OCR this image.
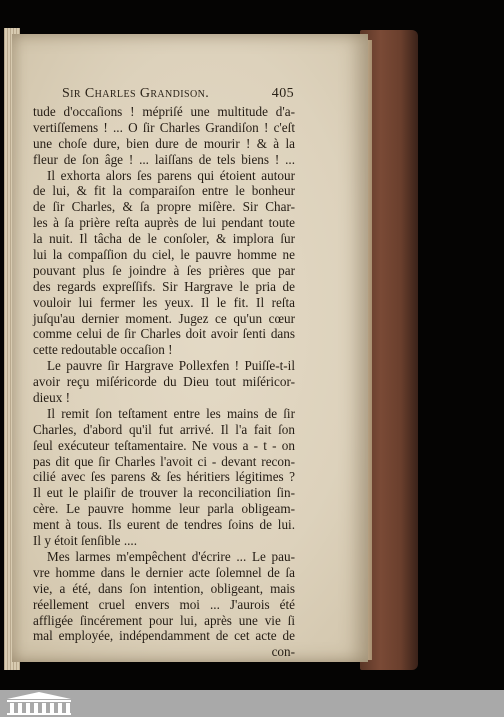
Sir Charles Grandison.	405
tude d'occaſions ! mépriſé une multitude d'a-
vertiſſemens ! ... O ſir Charles Grandiſon ! c'eſt
une choſe dure, bien dure de mourir ! & à la
fleur de ſon âge ! ... laiſſans de tels biens ! ...
Il exhorta alors ſes parens qui étoient autour
de lui, & fit la comparaiſon entre le bonheur
de ſir Charles, & ſa propre miſère. Sir Char-
les à ſa prière reſta auprès de lui pendant toute
la nuit. Il tâcha de le conſoler, & implora ſur
lui la compaſſion du ciel, le pauvre homme ne
pouvant plus ſe joindre à ſes prières que par
des regards expreſſifs. Sir Hargrave le pria de
vouloir lui fermer les yeux. Il le fit. Il reſta
juſqu'au dernier moment. Jugez ce qu'un cœur
comme celui de ſir Charles doit avoir ſenti dans
cette redoutable occaſion !
Le pauvre ſir Hargrave Pollexfen ! Puiſſe-t-il
avoir reçu miſéricorde du Dieu tout miſéricor-
dieux !
Il remit ſon teſtament entre les mains de ſir
Charles, d'abord qu'il fut arrivé. Il l'a fait ſon
ſeul exécuteur teſtamentaire. Ne vous a - t - on
pas dit que ſir Charles l'avoit ci - devant recon-
cilié avec ſes parens & ſes héritiers légitimes ?
Il eut le plaiſir de trouver la reconciliation ſin-
cère. Le pauvre homme leur parla obligeam-
ment à tous. Ils eurent de tendres ſoins de lui.
Il y étoit ſenſible ....
Mes larmes m'empêchent d'écrire ... Le pau-
vre homme dans le dernier acte ſolemnel de ſa
vie, a été, dans ſon intention, obligeant, mais
réellement cruel envers moi ... J'aurois été
affligée ſincérement pour lui, après une vie ſi
mal employée, indépendamment de cet acte de
con-
